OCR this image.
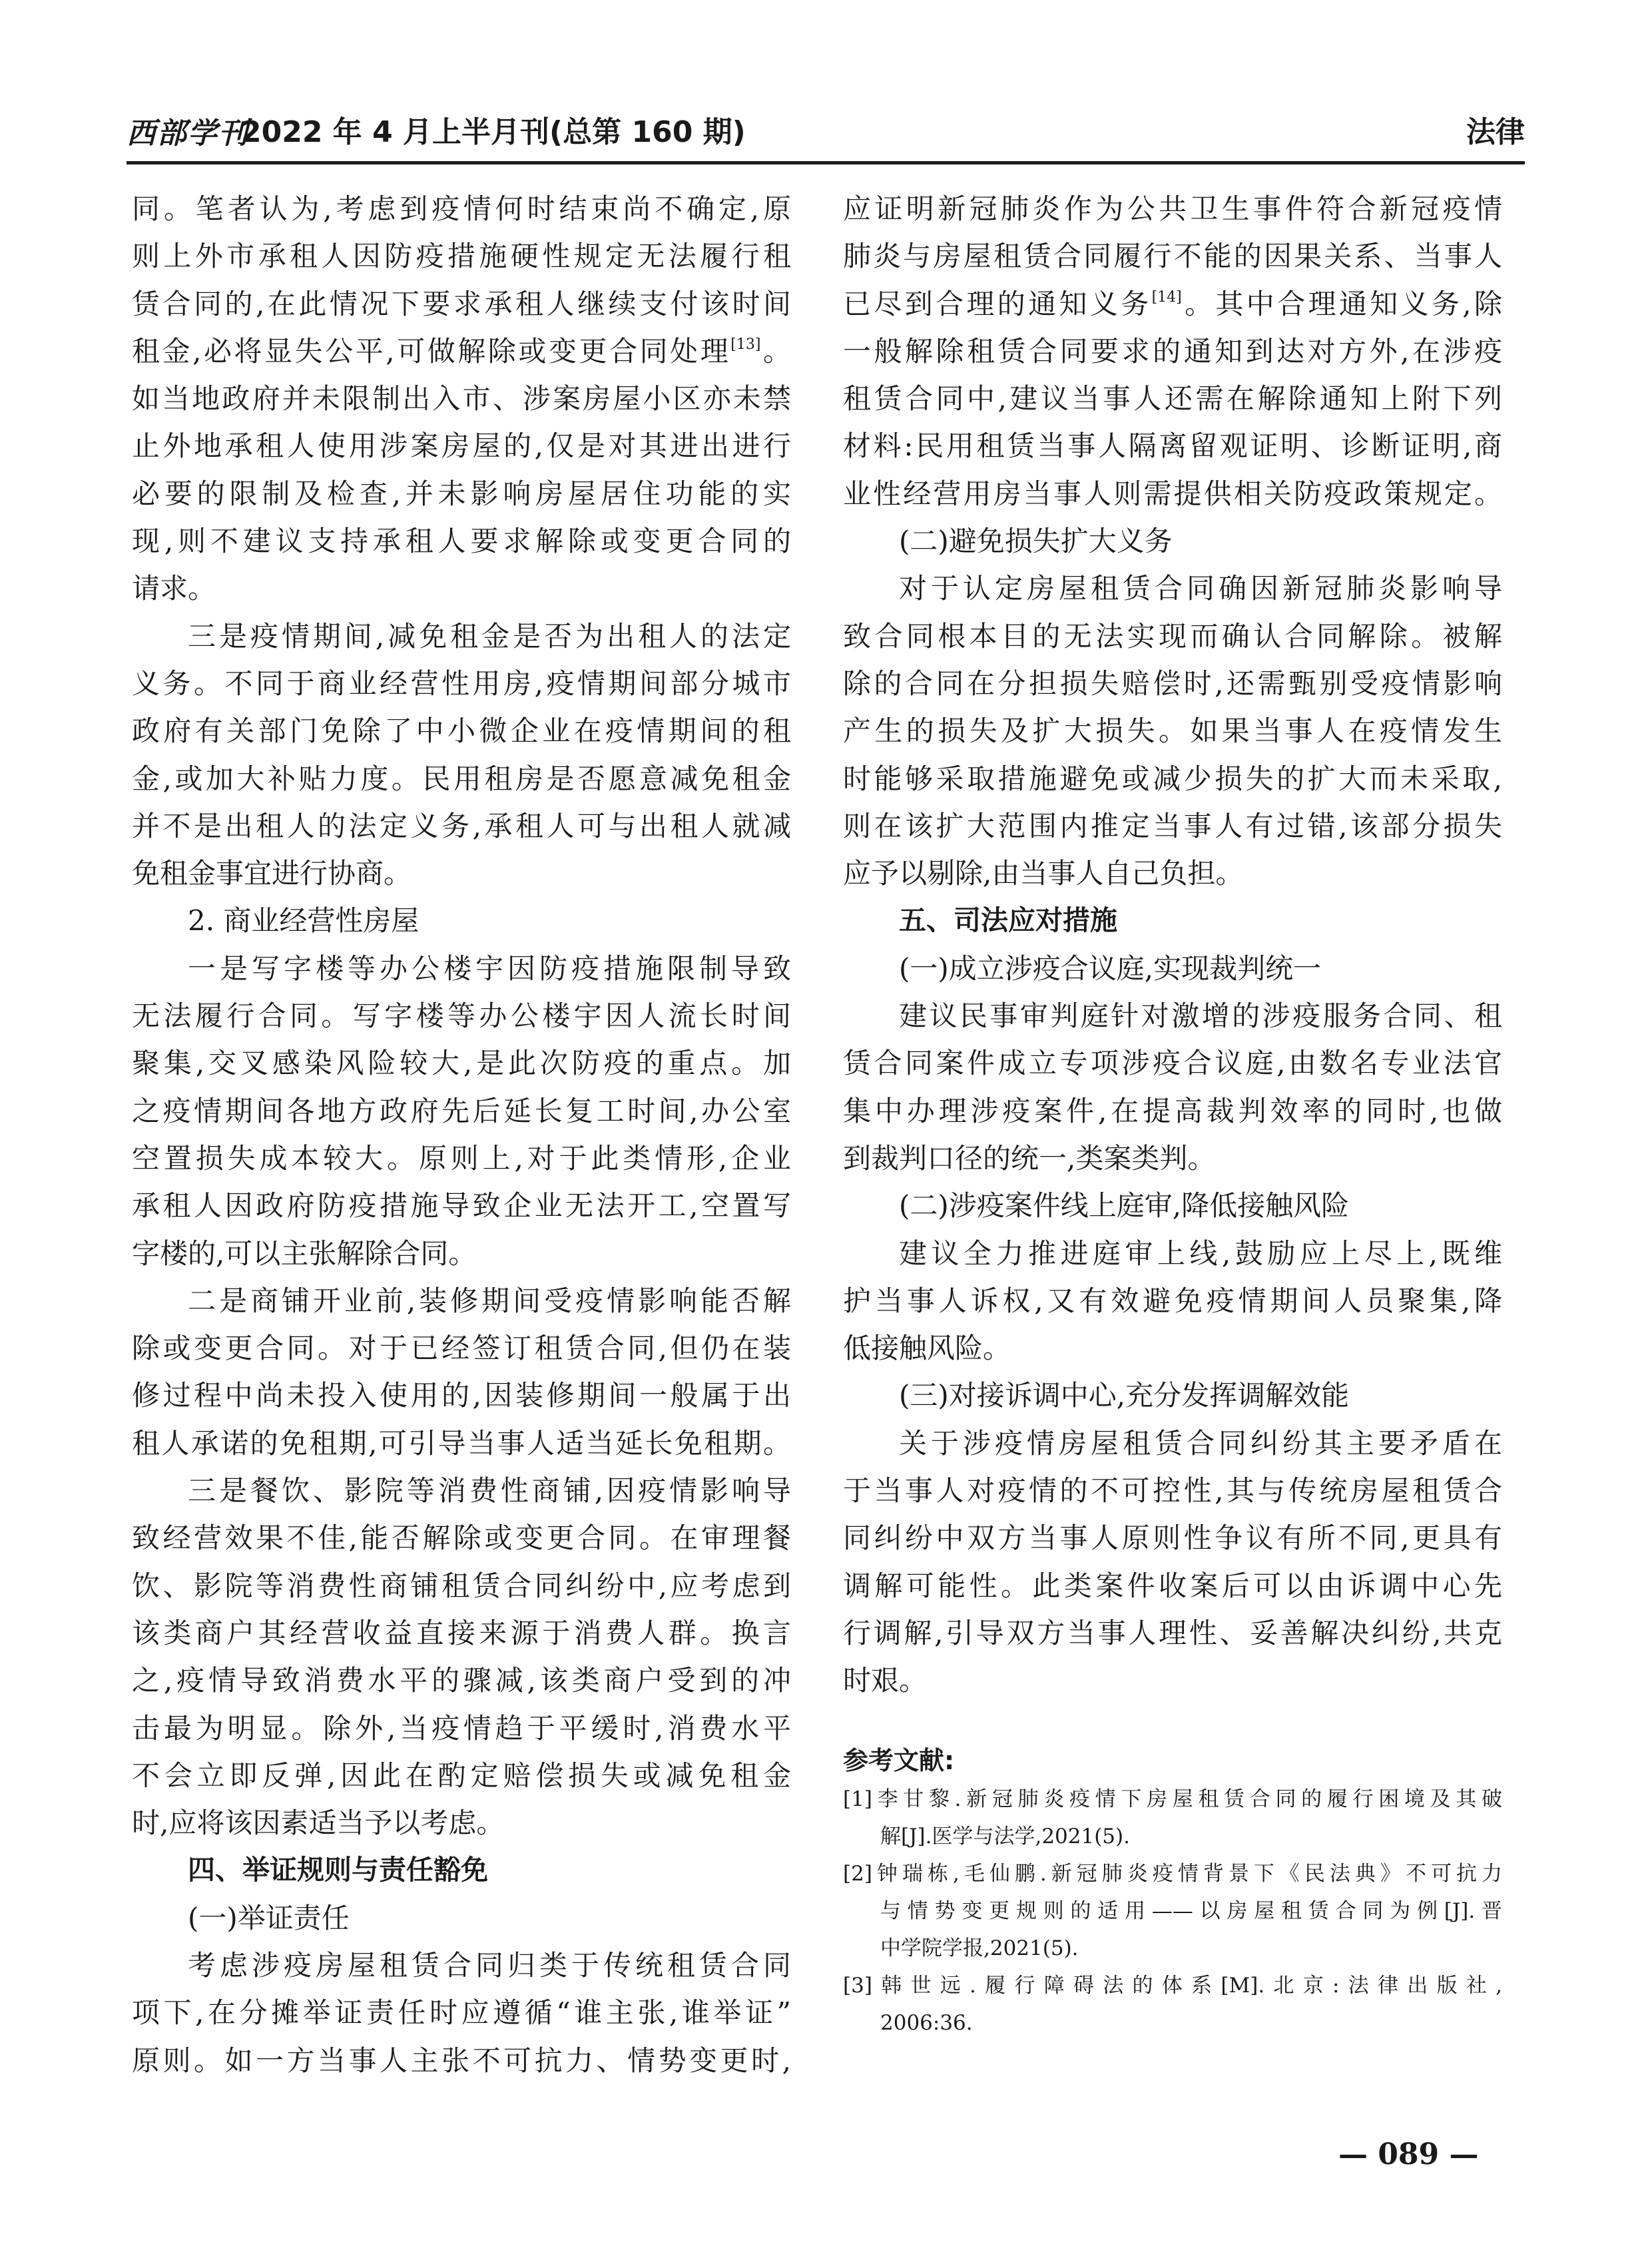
西部学刊
2022 年 4 月上半月刊(总第 160 期)	法律
同。笔者认为,考虑到疫情何时结束尚不确定,原
则上外市承租人因防疫措施硬性规定无法履行租
赁合同的,在此情况下要求承租人继续支付该时间
租金,必将显失公平,可做解除或变更合同处理[13]。
如当地政府并未限制出入市、涉案房屋小区亦未禁
止外地承租人使用涉案房屋的,仅是对其进出进行
必要的限制及检查,并未影响房屋居住功能的实
现,则不建议支持承租人要求解除或变更合同的
请求。
三是疫情期间,减免租金是否为出租人的法定
义务。不同于商业经营性用房,疫情期间部分城市
政府有关部门免除了中小微企业在疫情期间的租
金,或加大补贴力度。民用租房是否愿意减免租金
并不是出租人的法定义务,承租人可与出租人就减
免租金事宜进行协商。
2. 商业经营性房屋
一是写字楼等办公楼宇因防疫措施限制导致
无法履行合同。写字楼等办公楼宇因人流长时间
聚集,交叉感染风险较大,是此次防疫的重点。加
之疫情期间各地方政府先后延长复工时间,办公室
空置损失成本较大。原则上,对于此类情形,企业
承租人因政府防疫措施导致企业无法开工,空置写
字楼的,可以主张解除合同。
二是商铺开业前,装修期间受疫情影响能否解
除或变更合同。对于已经签订租赁合同,但仍在装
修过程中尚未投入使用的,因装修期间一般属于出
租人承诺的免租期,可引导当事人适当延长免租期。
三是餐饮、影院等消费性商铺,因疫情影响导
致经营效果不佳,能否解除或变更合同。在审理餐
饮、影院等消费性商铺租赁合同纠纷中,应考虑到
该类商户其经营收益直接来源于消费人群。换言
之,疫情导致消费水平的骤减,该类商户受到的冲
击最为明显。除外,当疫情趋于平缓时,消费水平
不会立即反弹,因此在酌定赔偿损失或减免租金
时,应将该因素适当予以考虑。
四、举证规则与责任豁免
(一)举证责任
考虑涉疫房屋租赁合同归类于传统租赁合同
项下,在分摊举证责任时应遵循“谁主张,谁举证”
原则。如一方当事人主张不可抗力、情势变更时,
应证明新冠肺炎作为公共卫生事件符合新冠疫情
肺炎与房屋租赁合同履行不能的因果关系、当事人
已尽到合理的通知义务[14]。其中合理通知义务,除
一般解除租赁合同要求的通知到达对方外,在涉疫
租赁合同中,建议当事人还需在解除通知上附下列
材料:民用租赁当事人隔离留观证明、诊断证明,商
业性经营用房当事人则需提供相关防疫政策规定。
(二)避免损失扩大义务
对于认定房屋租赁合同确因新冠肺炎影响导
致合同根本目的无法实现而确认合同解除。被解
除的合同在分担损失赔偿时,还需甄别受疫情影响
产生的损失及扩大损失。如果当事人在疫情发生
时能够采取措施避免或减少损失的扩大而未采取,
则在该扩大范围内推定当事人有过错,该部分损失
应予以剔除,由当事人自己负担。
五、司法应对措施
(一)成立涉疫合议庭,实现裁判统一
建议民事审判庭针对激增的涉疫服务合同、租
赁合同案件成立专项涉疫合议庭,由数名专业法官
集中办理涉疫案件,在提高裁判效率的同时,也做
到裁判口径的统一,类案类判。
(二)涉疫案件线上庭审,降低接触风险
建议全力推进庭审上线,鼓励应上尽上,既维
护当事人诉权,又有效避免疫情期间人员聚集,降
低接触风险。
(三)对接诉调中心,充分发挥调解效能
关于涉疫情房屋租赁合同纠纷其主要矛盾在
于当事人对疫情的不可控性,其与传统房屋租赁合
同纠纷中双方当事人原则性争议有所不同,更具有
调解可能性。此类案件收案后可以由诉调中心先
行调解,引导双方当事人理性、妥善解决纠纷,共克
时艰。
参考文献:
[1]李甘黎.新冠肺炎疫情下房屋租赁合同的履行困境及其破
解[J].医学与法学,2021(5).
[2]钟瑞栋,毛仙鹏.新冠肺炎疫情背景下《民法典》不可抗力
与情势变更规则的适用——以房屋租赁合同为例[J].晋
中学院学报,2021(5).
[3]韩世远.履行障碍法的体系[M].北京:法律出版社,
2006:36.
— 089 —
